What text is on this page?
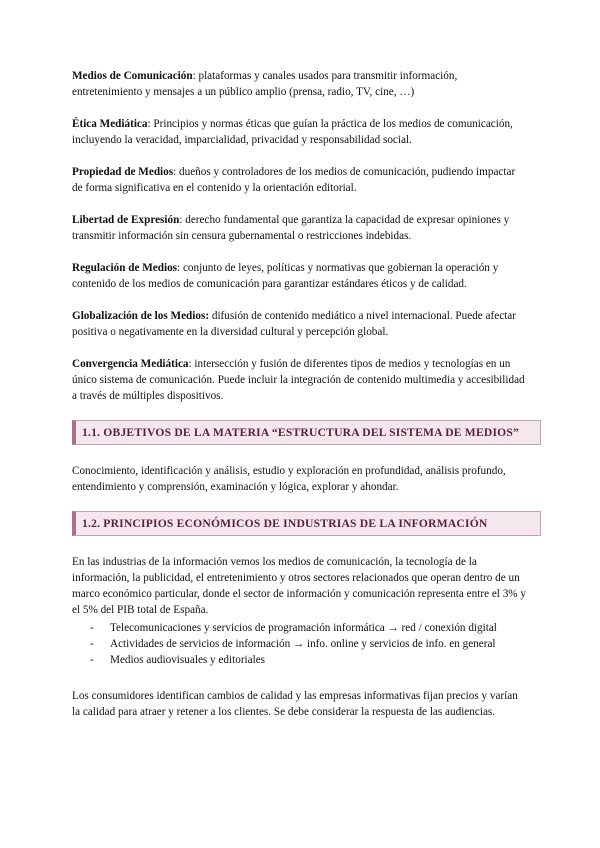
Medios de Comunicación: plataformas y canales usados para transmitir información, entretenimiento y mensajes a un público amplio (prensa, radio, TV, cine, …)

Ética Mediática: Principios y normas éticas que guían la práctica de los medios de comunicación, incluyendo la veracidad, imparcialidad, privacidad y responsabilidad social.

Propiedad de Medios: dueños y controladores de los medios de comunicación, pudiendo impactar de forma significativa en el contenido y la orientación editorial.

Libertad de Expresión: derecho fundamental que garantiza la capacidad de expresar opiniones y transmitir información sin censura gubernamental o restricciones indebidas.

Regulación de Medios: conjunto de leyes, políticas y normativas que gobiernan la operación y contenido de los medios de comunicación para garantizar estándares éticos y de calidad.

Globalización de los Medios: difusión de contenido mediático a nivel internacional. Puede afectar positiva o negativamente en la diversidad cultural y percepción global.

Convergencia Mediática: intersección y fusión de diferentes tipos de medios y tecnologías en un único sistema de comunicación. Puede incluir la integración de contenido multimedia y accesibilidad a través de múltiples dispositivos.

1.1. OBJETIVOS DE LA MATERIA “ESTRUCTURA DEL SISTEMA DE MEDIOS”

Conocimiento, identificación y análisis, estudio y exploración en profundidad, análisis profundo, entendimiento y comprensión, examinación y lógica, explorar y ahondar.

1.2. PRINCIPIOS ECONÓMICOS DE INDUSTRIAS DE LA INFORMACIÓN

En las industrias de la información vemos los medios de comunicación, la tecnología de la información, la publicidad, el entretenimiento y otros sectores relacionados que operan dentro de un marco económico particular, donde el sector de información y comunicación representa entre el 3% y el 5% del PIB total de España.

- Telecomunicaciones y servicios de programación informática → red / conexión digital
- Actividades de servicios de información → info. online y servicios de info. en general
- Medios audiovisuales y editoriales

Los consumidores identifican cambios de calidad y las empresas informativas fijan precios y varían la calidad para atraer y retener a los clientes. Se debe considerar la respuesta de las audiencias.
